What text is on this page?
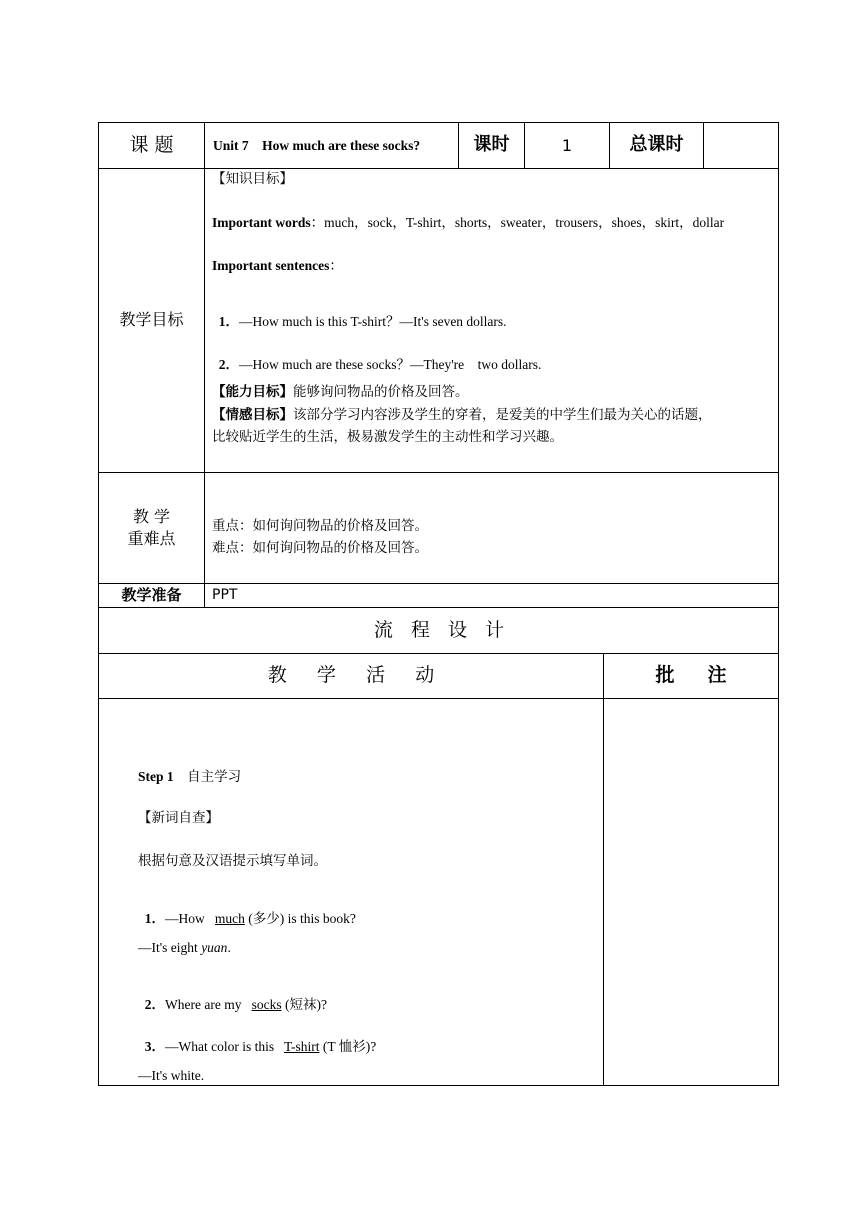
课 题	Unit 7    How much are these socks?	课时	1	总课时
教学目标
【知识目标】
Important words：much，sock，T-shirt，shorts，sweater，trousers，shoes，skirt，dollar
Important sentences：

1．—How much is this T-shirt？—It's seven dollars.

2．—How much are these socks？—They're    two dollars.

【能力目标】能够询问物品的价格及回答。
【情感目标】该部分学习内容涉及学生的穿着，是爱美的中学生们最为关心的话题，
比较贴近学生的生活，极易激发学生的主动性和学习兴趣。
教 学
重难点
重点：如何询问物品的价格及回答。
难点：如何询问物品的价格及回答。
教学准备	PPT
流   程   设   计
教     学     活     动	批     注
Step 1 自主学习
【新词自查】
根据句意及汉语提示填写单词。

1．—How   much (多少) is this book?

—It's eight yuan.

2．Where are my   socks (短袜)?

3．—What color is this   T-shirt (T 恤衫)?

—It's white.
